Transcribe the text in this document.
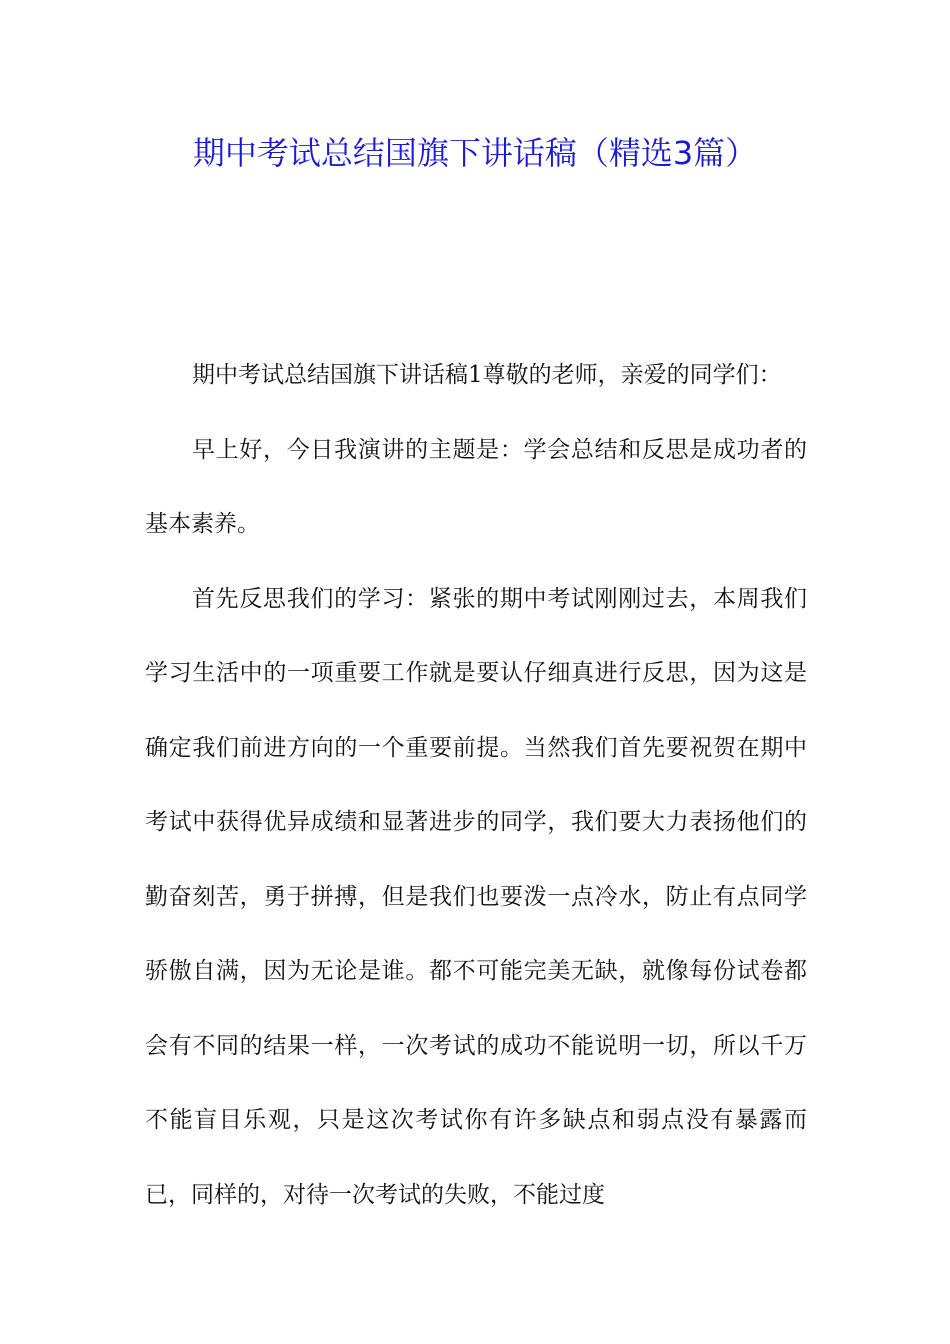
期中考试总结国旗下讲话稿（精选3篇）

期中考试总结国旗下讲话稿1尊敬的老师，亲爱的同学们：

早上好，今日我演讲的主题是：学会总结和反思是成功者的基本素养。

首先反思我们的学习：紧张的期中考试刚刚过去，本周我们学习生活中的一项重要工作就是要认仔细真进行反思，因为这是确定我们前进方向的一个重要前提。当然我们首先要祝贺在期中考试中获得优异成绩和显著进步的同学，我们要大力表扬他们的勤奋刻苦，勇于拼搏，但是我们也要泼一点冷水，防止有点同学骄傲自满，因为无论是谁。都不可能完美无缺，就像每份试卷都会有不同的结果一样，一次考试的成功不能说明一切，所以千万不能盲目乐观，只是这次考试你有许多缺点和弱点没有暴露而已，同样的，对待一次考试的失败，不能过度
